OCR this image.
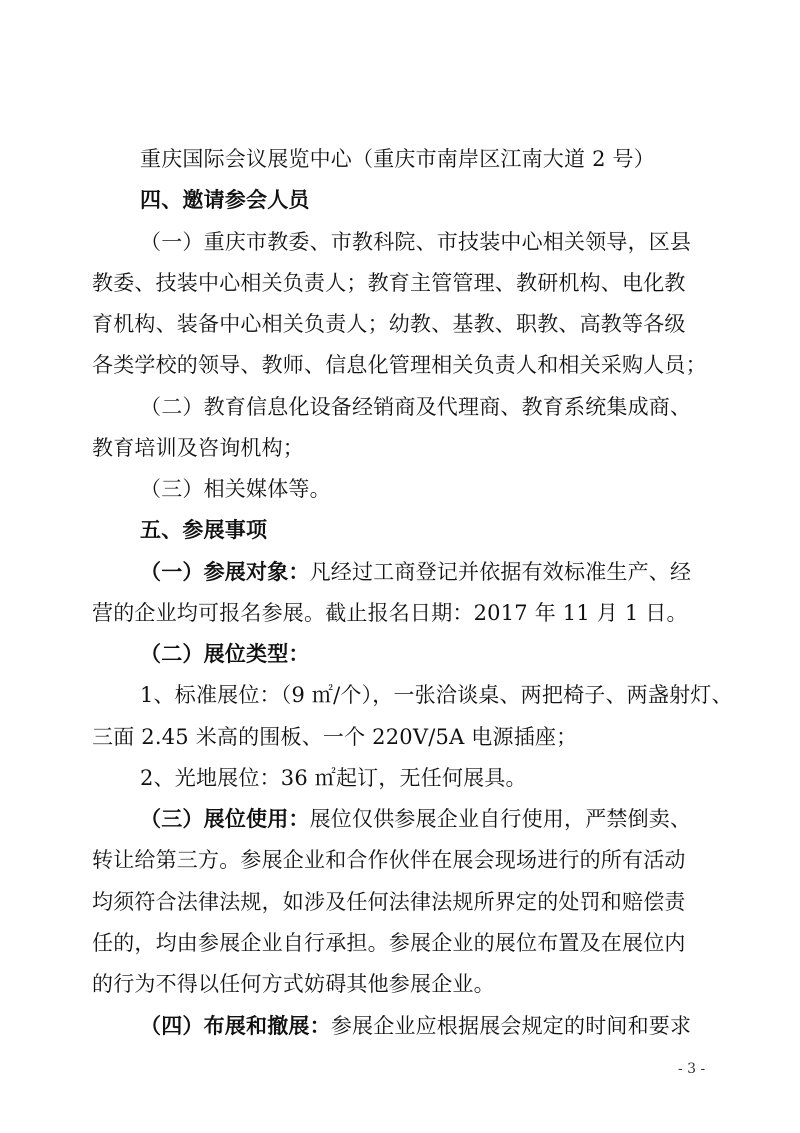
重庆国际会议展览中心（重庆市南岸区江南大道 2 号）
四、邀请参会人员
（一）重庆市教委、市教科院、市技装中心相关领导，区县
教委、技装中心相关负责人；教育主管管理、教研机构、电化教
育机构、装备中心相关负责人；幼教、基教、职教、高教等各级
各类学校的领导、教师、信息化管理相关负责人和相关采购人员；
（二）教育信息化设备经销商及代理商、教育系统集成商、
教育培训及咨询机构；
（三）相关媒体等。
五、参展事项
（一）参展对象：凡经过工商登记并依据有效标准生产、经
营的企业均可报名参展。截止报名日期：2017 年 11 月 1 日。
（二）展位类型：
1、标准展位：（9 ㎡/个），一张洽谈桌、两把椅子、两盏射灯、
三面 2.45 米高的围板、一个 220V/5A 电源插座；
2、光地展位：36 ㎡起订，无任何展具。
（三）展位使用：展位仅供参展企业自行使用，严禁倒卖、
转让给第三方。参展企业和合作伙伴在展会现场进行的所有活动
均须符合法律法规，如涉及任何法律法规所界定的处罚和赔偿责
任的，均由参展企业自行承担。参展企业的展位布置及在展位内
的行为不得以任何方式妨碍其他参展企业。
（四）布展和撤展：参展企业应根据展会规定的时间和要求
- 3 -
